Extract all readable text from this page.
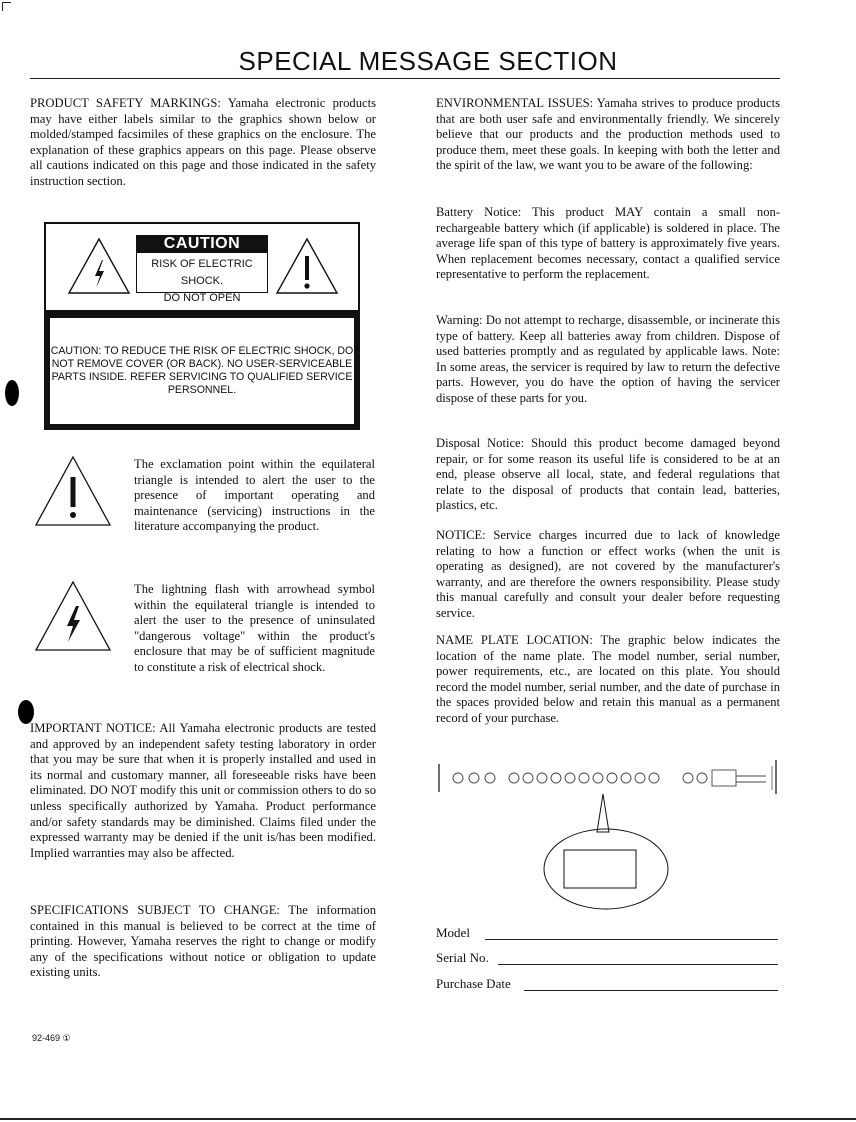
SPECIAL MESSAGE SECTION

PRODUCT SAFETY MARKINGS: Yamaha electronic products may have either labels similar to the graphics shown below or molded/stamped facsimiles of these graphics on the enclosure. The explanation of these graphics appears on this page. Please observe all cautions indicated on this page and those indicated in the safety instruction section.

CAUTION
RISK OF ELECTRIC SHOCK.
DO NOT OPEN
CAUTION: TO REDUCE THE RISK OF ELECTRIC SHOCK, DO NOT REMOVE COVER (OR BACK). NO USER-SERVICEABLE PARTS INSIDE. REFER SERVICING TO QUALIFIED SERVICE PERSONNEL.
The exclamation point within the equilateral triangle is intended to alert the user to the presence of important operating and maintenance (servicing) instructions in the literature accompanying the product.
The lightning flash with arrowhead symbol within the equilateral triangle is intended to alert the user to the presence of uninsulated "dangerous voltage" within the product's enclosure that may be of sufficient magnitude to constitute a risk of electrical shock.

IMPORTANT NOTICE: All Yamaha electronic products are tested and approved by an independent safety testing laboratory in order that you may be sure that when it is properly installed and used in its normal and customary manner, all foreseeable risks have been eliminated. DO NOT modify this unit or commission others to do so unless specifically authorized by Yamaha. Product performance and/or safety standards may be diminished. Claims filed under the expressed warranty may be denied if the unit is/has been modified. Implied warranties may also be affected.

SPECIFICATIONS SUBJECT TO CHANGE: The information contained in this manual is believed to be correct at the time of printing. However, Yamaha reserves the right to change or modify any of the specifications without notice or obligation to update existing units.

ENVIRONMENTAL ISSUES: Yamaha strives to produce products that are both user safe and environmentally friendly. We sincerely believe that our products and the production methods used to produce them, meet these goals. In keeping with both the letter and the spirit of the law, we want you to be aware of the following:

Battery Notice: This product MAY contain a small non-rechargeable battery which (if applicable) is soldered in place. The average life span of this type of battery is approximately five years. When replacement becomes necessary, contact a qualified service representative to perform the replacement.

Warning: Do not attempt to recharge, disassemble, or incinerate this type of battery. Keep all batteries away from children. Dispose of used batteries promptly and as regulated by applicable laws. Note: In some areas, the servicer is required by law to return the defective parts. However, you do have the option of having the servicer dispose of these parts for you.

Disposal Notice: Should this product become damaged beyond repair, or for some reason its useful life is considered to be at an end, please observe all local, state, and federal regulations that relate to the disposal of products that contain lead, batteries, plastics, etc.

NOTICE: Service charges incurred due to lack of knowledge relating to how a function or effect works (when the unit is operating as designed), are not covered by the manufacturer's warranty, and are therefore the owners responsibility. Please study this manual carefully and consult your dealer before requesting service.

NAME PLATE LOCATION: The graphic below indicates the location of the name plate. The model number, serial number, power requirements, etc., are located on this plate. You should record the model number, serial number, and the date of purchase in the spaces provided below and retain this manual as a permanent record of your purchase.

Model
Serial No.
Purchase Date
92-469 ①
